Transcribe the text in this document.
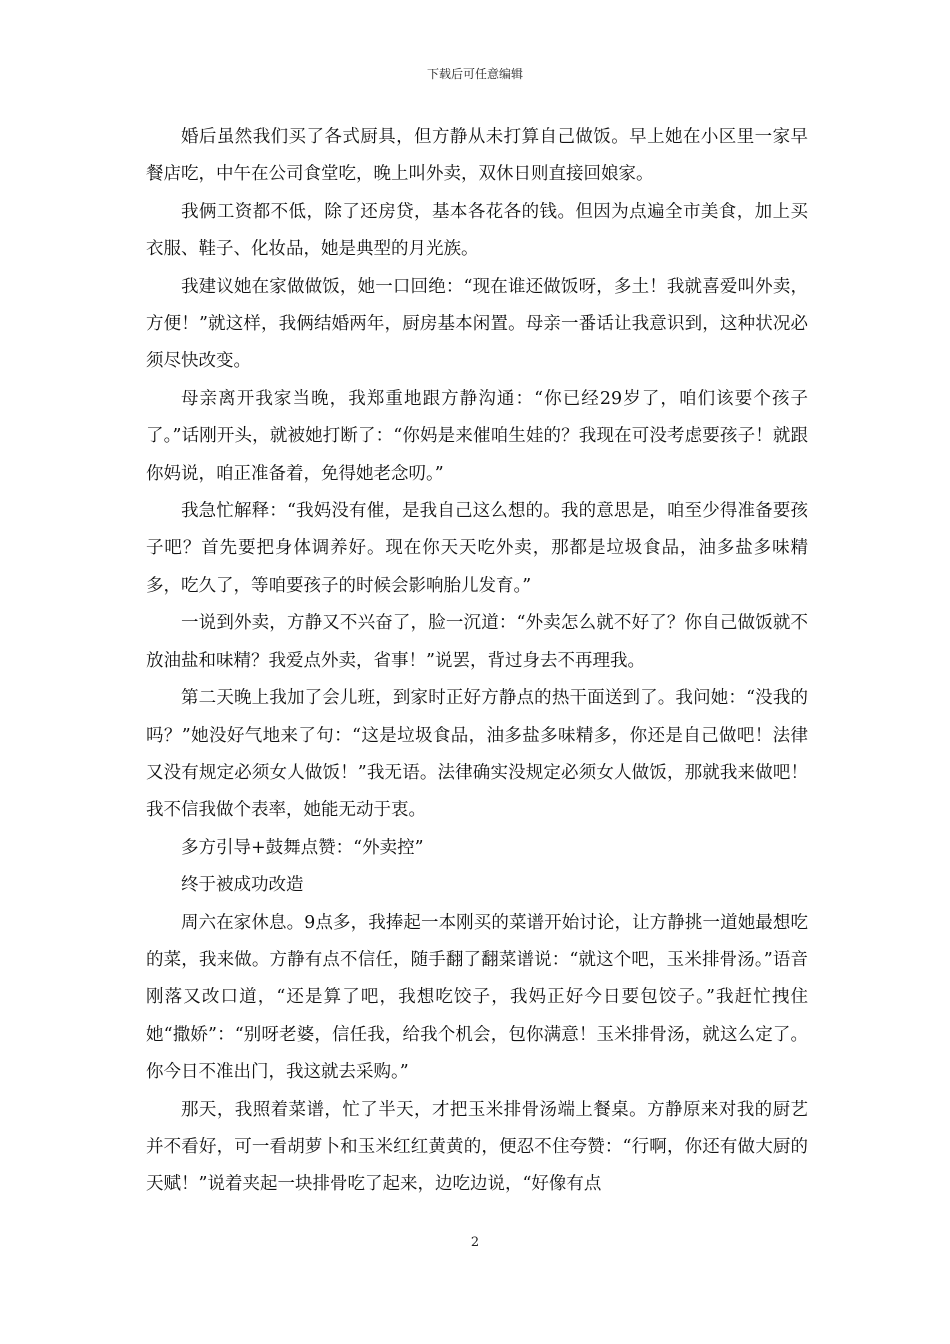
下载后可任意编辑

婚后虽然我们买了各式厨具，但方静从未打算自己做饭。早上她在小区里一家早餐店吃，中午在公司食堂吃，晚上叫外卖，双休日则直接回娘家。

我俩工资都不低，除了还房贷，基本各花各的钱。但因为点遍全市美食，加上买衣服、鞋子、化妆品，她是典型的月光族。

我建议她在家做做饭，她一口回绝：“现在谁还做饭呀，多土！我就喜爱叫外卖，方便！”就这样，我俩结婚两年，厨房基本闲置。母亲一番话让我意识到，这种状况必须尽快改变。

母亲离开我家当晚，我郑重地跟方静沟通：“你已经29岁了，咱们该要个孩子了。”话刚开头，就被她打断了：“你妈是来催咱生娃的？我现在可没考虑要孩子！就跟你妈说，咱正准备着，免得她老念叨。”

我急忙解释：“我妈没有催，是我自己这么想的。我的意思是，咱至少得准备要孩子吧？首先要把身体调养好。现在你天天吃外卖，那都是垃圾食品，油多盐多味精多，吃久了，等咱要孩子的时候会影响胎儿发育。”

一说到外卖，方静又不兴奋了，脸一沉道：“外卖怎么就不好了？你自己做饭就不放油盐和味精？我爱点外卖，省事！”说罢，背过身去不再理我。

第二天晚上我加了会儿班，到家时正好方静点的热干面送到了。我问她：“没我的吗？”她没好气地来了句：“这是垃圾食品，油多盐多味精多，你还是自己做吧！法律又没有规定必须女人做饭！”我无语。法律确实没规定必须女人做饭，那就我来做吧！我不信我做个表率，她能无动于衷。

多方引导+鼓舞点赞：“外卖控”

终于被成功改造

周六在家休息。9点多，我捧起一本刚买的菜谱开始讨论，让方静挑一道她最想吃的菜，我来做。方静有点不信任，随手翻了翻菜谱说：“就这个吧，玉米排骨汤。”语音刚落又改口道，“还是算了吧，我想吃饺子，我妈正好今日要包饺子。”我赶忙拽住她“撒娇”：“别呀老婆，信任我，给我个机会，包你满意！玉米排骨汤，就这么定了。你今日不准出门，我这就去采购。”

那天，我照着菜谱，忙了半天，才把玉米排骨汤端上餐桌。方静原来对我的厨艺并不看好，可一看胡萝卜和玉米红红黄黄的，便忍不住夸赞：“行啊，你还有做大厨的天赋！”说着夹起一块排骨吃了起来，边吃边说，“好像有点

2
